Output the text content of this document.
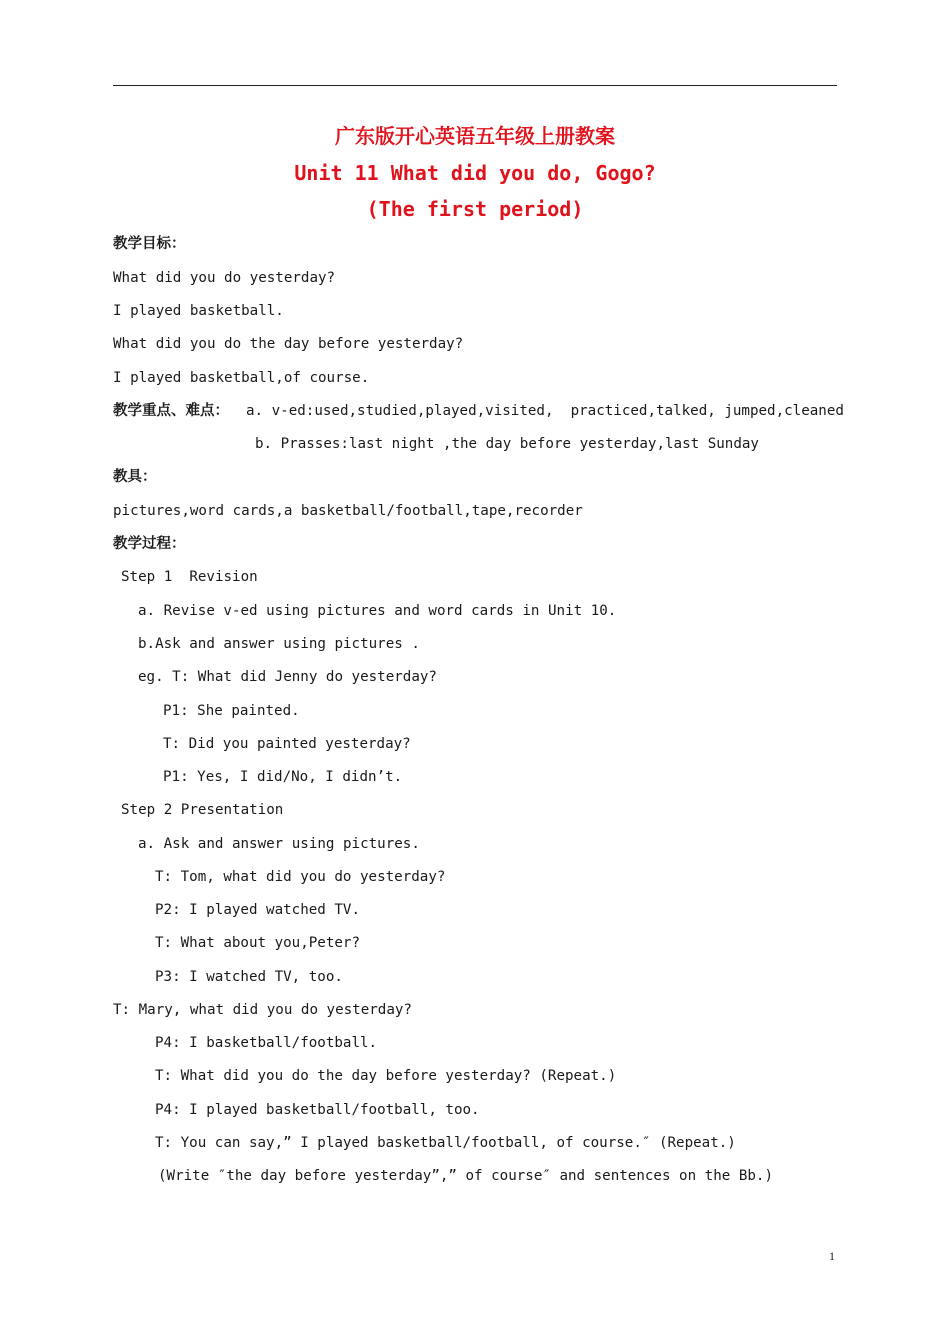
广东版开心英语五年级上册教案
Unit 11 What did you do, Gogo?
(The first period)
教学目标：
What did you do yesterday?
I played basketball.
What did you do the day before yesterday?
I played basketball,of course.
教学重点、难点： a. v-ed:used,studied,played,visited,  practiced,talked, jumped,cleaned
b. Prasses:last night ,the day before yesterday,last Sunday
教具：
pictures,word cards,a basketball/football,tape,recorder
教学过程：
Step 1  Revision
a. Revise v-ed using pictures and word cards in Unit 10.
b.Ask and answer using pictures .
eg. T: What did Jenny do yesterday?
P1: She painted.
T: Did you painted yesterday?
P1: Yes, I did/No, I didn’t.
Step 2 Presentation
a. Ask and answer using pictures.
T: Tom, what did you do yesterday?
P2: I played watched TV.
T: What about you,Peter?
P3: I watched TV, too.
T: Mary, what did you do yesterday?
P4: I basketball/football.
T: What did you do the day before yesterday? (Repeat.)
P4: I played basketball/football, too.
T: You can say,” I played basketball/football, of course.″ (Repeat.)
(Write ″the day before yesterday”,” of course″ and sentences on the Bb.)
1
